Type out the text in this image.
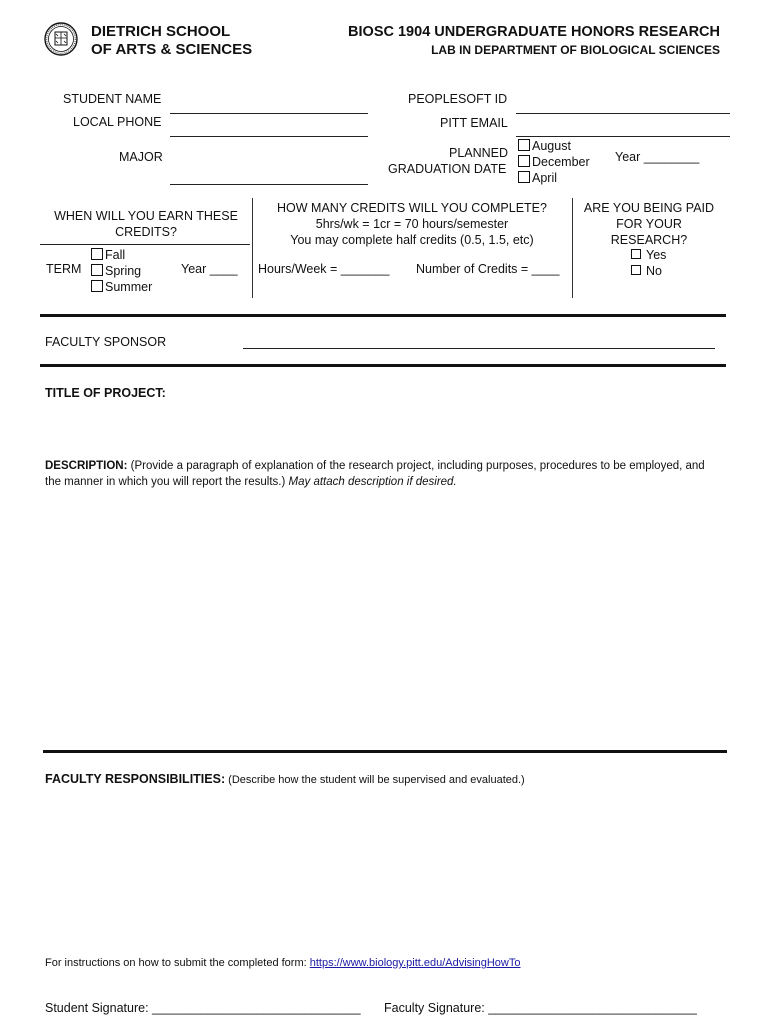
DIETRICH SCHOOL
OF ARTS & SCIENCES
BIOSC 1904 UNDERGRADUATE HONORS RESEARCH
LAB IN DEPARTMENT OF BIOLOGICAL SCIENCES
STUDENT NAME
LOCAL PHONE
MAJOR
PEOPLESOFT ID
PITT EMAIL
PLANNED
GRADUATION DATE
August
December
April
Year ________
WHEN WILL YOU EARN THESE
CREDITS?
HOW MANY CREDITS WILL YOU COMPLETE?
5hrs/wk = 1cr = 70 hours/semester
You may complete half credits (0.5, 1.5, etc)
ARE YOU BEING PAID
FOR YOUR
RESEARCH?
TERM
Fall
Spring
Summer
Year ____ Hours/Week = _______ Number of Credits = ____
Yes
No
FACULTY SPONSOR
TITLE OF PROJECT:
DESCRIPTION: (Provide a paragraph of explanation of the research project, including purposes, procedures to be employed, and the manner in which you will report the results.) May attach description if desired.
FACULTY RESPONSIBILITIES: (Describe how the student will be supervised and evaluated.)
For instructions on how to submit the completed form: https://www.biology.pitt.edu/AdvisingHowTo
Student Signature: ______________________________ Faculty Signature: ______________________________
